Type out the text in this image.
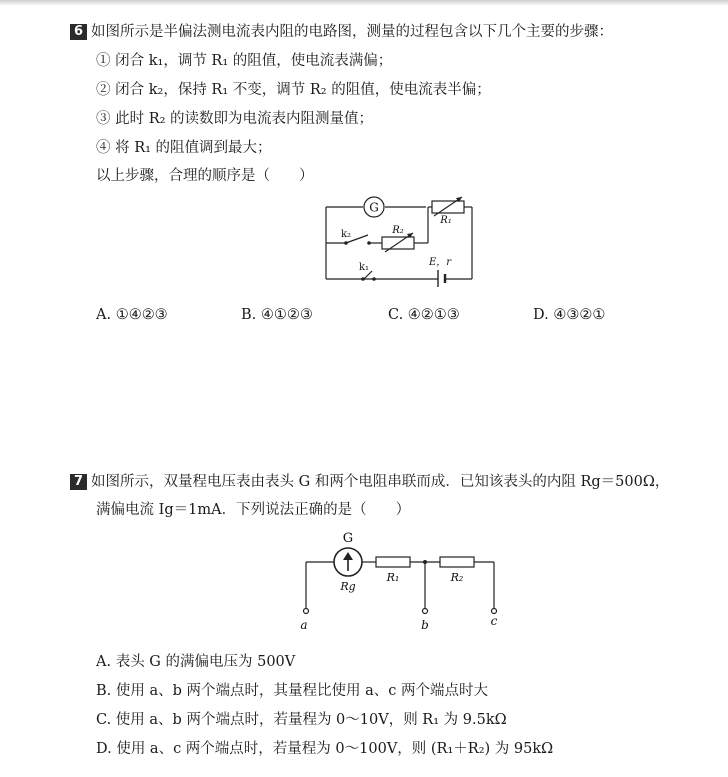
6 如图所示是半偏法测电流表内阻的电路图，测量的过程包含以下几个主要的步骤：
① 闭合 k₁，调节 R₁ 的阻值，使电流表满偏；
② 闭合 k₂，保持 R₁ 不变，调节 R₂ 的阻值，使电流表半偏；
③ 此时 R₂ 的读数即为电流表内阻测量值；
④ 将 R₁ 的阻值调到最大；
以上步骤，合理的顺序是（　　）
G
R₁
R₂
k₂
k₁	E，r
A. ①④②③	B. ④①②③	C. ④②①③	D. ④③②①
7 如图所示，双量程电压表由表头 G 和两个电阻串联而成．已知该表头的内阻 Rg＝500Ω，
满偏电流 Ig＝1mA．下列说法正确的是（　　）
G
Rg
R₁	R₂
a	b	c
A. 表头 G 的满偏电压为 500V
B. 使用 a、b 两个端点时，其量程比使用 a、c 两个端点时大
C. 使用 a、b 两个端点时，若量程为 0～10V，则 R₁ 为 9.5kΩ
D. 使用 a、c 两个端点时，若量程为 0～100V，则 (R₁＋R₂) 为 95kΩ
